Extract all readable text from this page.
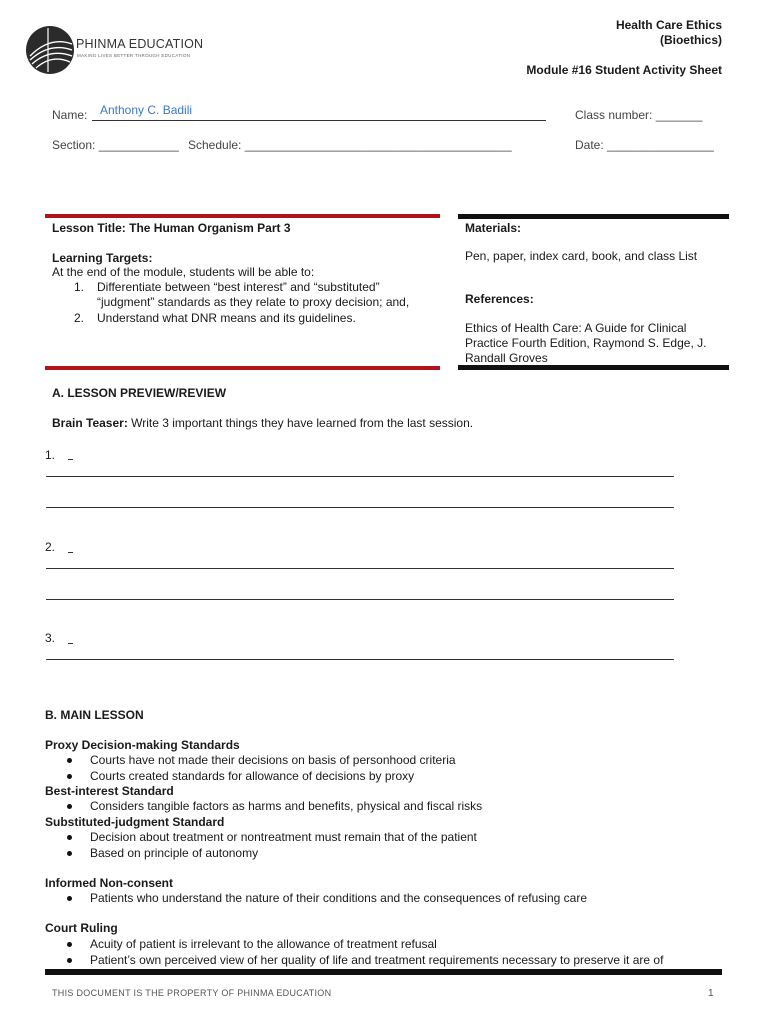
PHINMA EDUCATION
MAKING LIVES BETTER THROUGH EDUCATION
Health Care Ethics
(Bioethics)
Module #16 Student Activity Sheet
Name: Anthony C. Badili	Class number: _______
Section: ____________ Schedule: ________________________________________	Date: ________________
Lesson Title: The Human Organism Part 3
Learning Targets:
At the end of the module, students will be able to:
1. Differentiate between “best interest” and “substituted”
“judgment” standards as they relate to proxy decision; and,
2. Understand what DNR means and its guidelines.
Materials:
Pen, paper, index card, book, and class List
References:
Ethics of Health Care: A Guide for Clinical
Practice Fourth Edition, Raymond S. Edge, J.
Randall Groves
A. LESSON PREVIEW/REVIEW
Brain Teaser: Write 3 important things they have learned from the last session.
1.
2.
3.
B. MAIN LESSON
Proxy Decision-making Standards
Courts have not made their decisions on basis of personhood criteria
Courts created standards for allowance of decisions by proxy
Best-interest Standard
Considers tangible factors as harms and benefits, physical and fiscal risks
Substituted-judgment Standard
Decision about treatment or nontreatment must remain that of the patient
Based on principle of autonomy
Informed Non-consent
Patients who understand the nature of their conditions and the consequences of refusing care
Court Ruling
Acuity of patient is irrelevant to the allowance of treatment refusal
Patient’s own perceived view of her quality of life and treatment requirements necessary to preserve it are of
THIS DOCUMENT IS THE PROPERTY OF PHINMA EDUCATION	1
